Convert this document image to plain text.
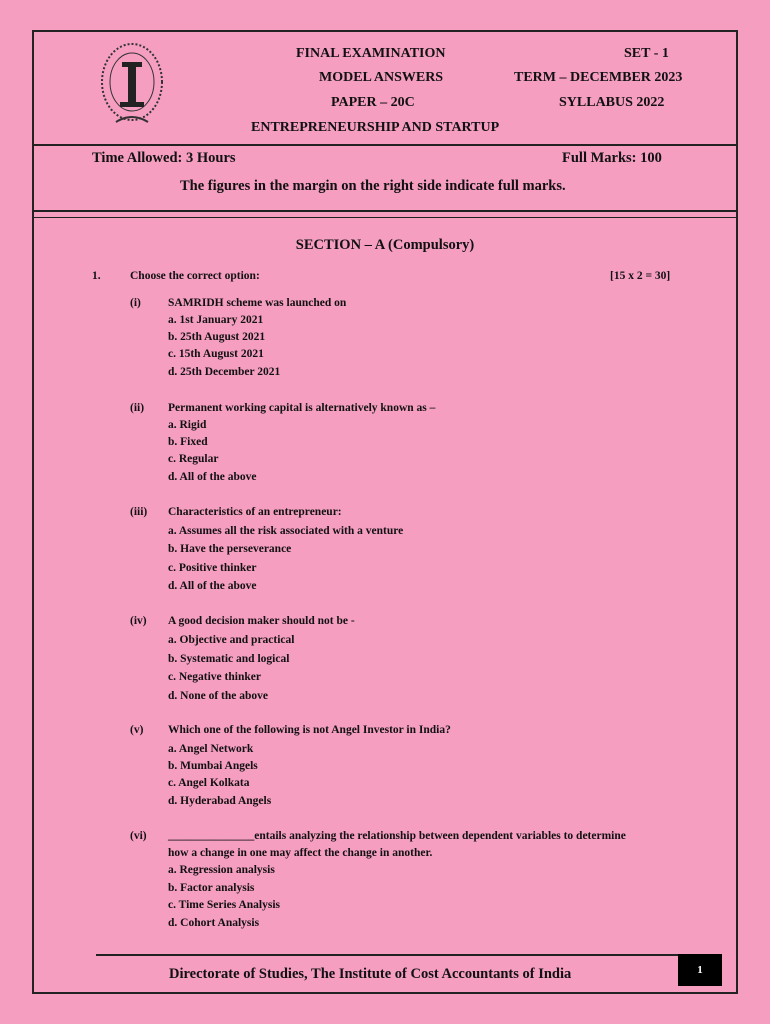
FINAL EXAMINATION	SET - 1
MODEL ANSWERS	TERM – DECEMBER 2023
PAPER – 20C	SYLLABUS 2022
ENTREPRENEURSHIP AND STARTUP
Time Allowed: 3 Hours	Full Marks: 100
The figures in the margin on the right side indicate full marks.
SECTION – A (Compulsory)
1.	Choose the correct option:	[15 x 2 = 30]
(i) SAMRIDH scheme was launched on
a. 1st January 2021
b. 25th August 2021
c. 15th August 2021
d. 25th December 2021
(ii) Permanent working capital is alternatively known as –
a. Rigid
b. Fixed
c. Regular
d. All of the above
(iii) Characteristics of an entrepreneur:
a. Assumes all the risk associated with a venture
b. Have the perseverance
c. Positive thinker
d. All of the above
(iv) A good decision maker should not be -
a. Objective and practical
b. Systematic and logical
c. Negative thinker
d. None of the above
(v) Which one of the following is not Angel Investor in India?
a. Angel Network
b. Mumbai Angels
c. Angel Kolkata
d. Hyderabad Angels
(vi) _______________entails analyzing the relationship between dependent variables to determine
how a change in one may affect the change in another.
a. Regression analysis
b. Factor analysis
c. Time Series Analysis
d. Cohort Analysis
Directorate of Studies, The Institute of Cost Accountants of India	1
